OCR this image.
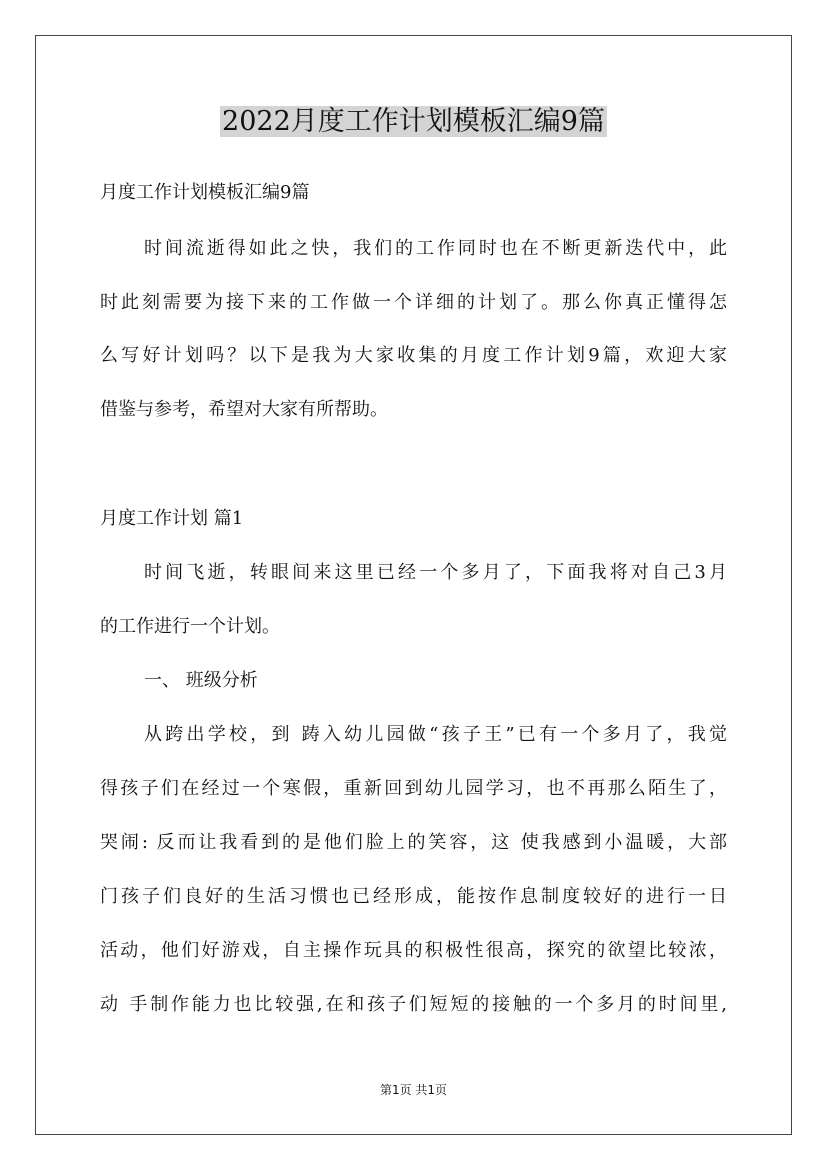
2022月度工作计划模板汇编9篇

月度工作计划模板汇编9篇

时间流逝得如此之快，我们的工作同时也在不断更新迭代中，此

时此刻需要为接下来的工作做一个详细的计划了。那么你真正懂得怎

么写好计划吗？以下是我为大家收集的月度工作计划9篇，欢迎大家

借鉴与参考，希望对大家有所帮助。

月度工作计划 篇1

时间飞逝，转眼间来这里已经一个多月了，下面我将对自己3月

的工作进行一个计划。

一、 班级分析

从跨出学校，到 踌入幼儿园做“孩子王”已有一个多月了，我觉

得孩子们在经过一个寒假，重新回到幼儿园学习，也不再那么陌生了，

哭闹: 反而让我看到的是他们脸上的笑容，这 使我感到小温暖，大部

门孩子们良好的生活习惯也已经形成，能按作息制度较好的进行一日

活动，他们好游戏，自主操作玩具的积极性很高，探究的欲望比较浓，

动 手制作能力也比较强,在和孩子们短短的接触的一个多月的时间里,

第1页 共1页
